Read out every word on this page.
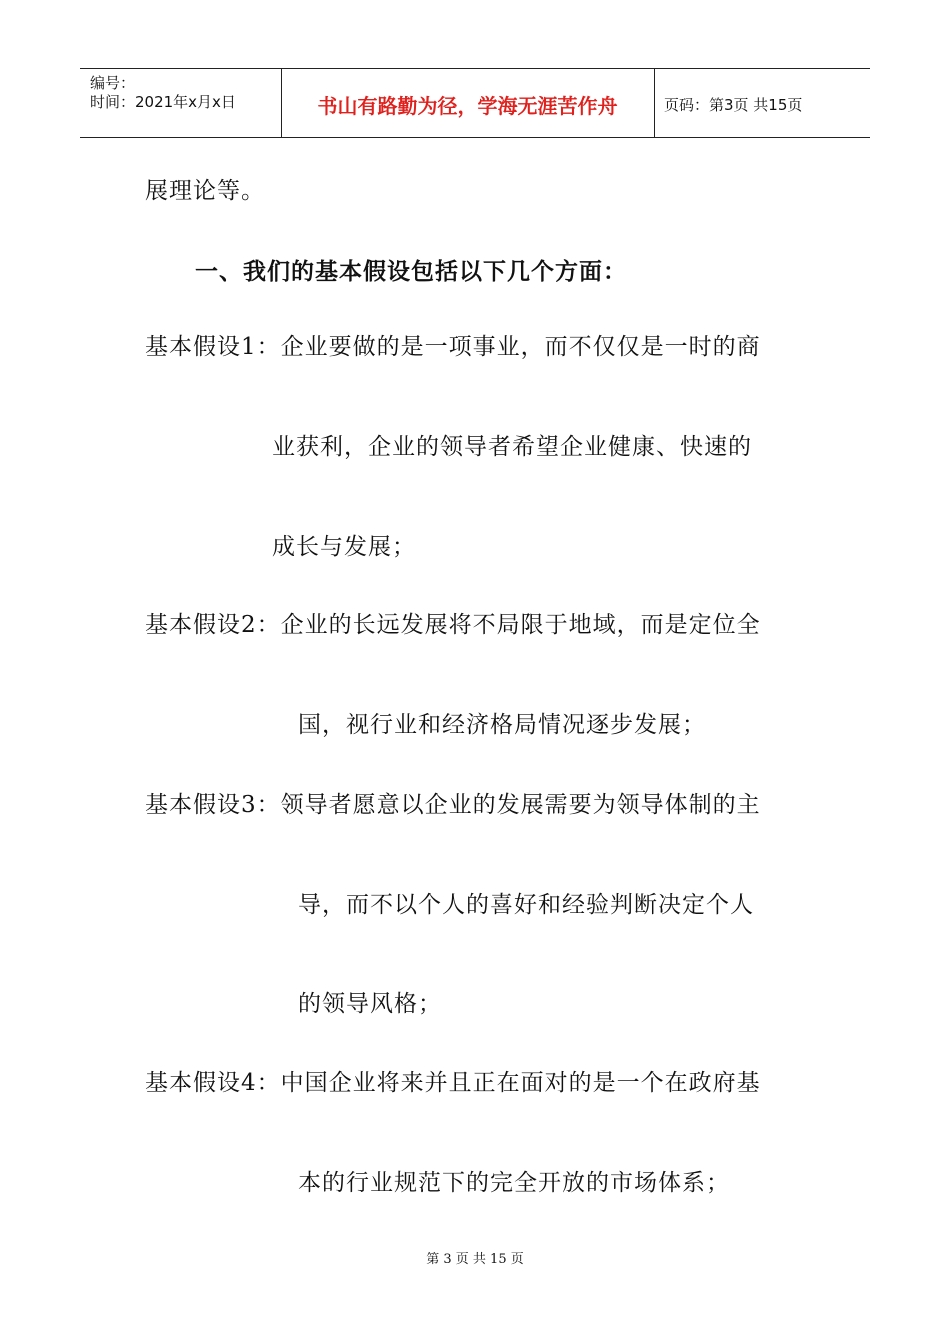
编号：
时间：2021年x月x日	书山有路勤为径，学海无涯苦作舟	页码：第3页 共15页
展理论等。
一、我们的基本假设包括以下几个方面：
基本假设1：企业要做的是一项事业，而不仅仅是一时的商
业获利，企业的领导者希望企业健康、快速的
成长与发展；
基本假设2：企业的长远发展将不局限于地域，而是定位全
国，视行业和经济格局情况逐步发展；
基本假设3：领导者愿意以企业的发展需要为领导体制的主
导，而不以个人的喜好和经验判断决定个人
的领导风格；
基本假设4：中国企业将来并且正在面对的是一个在政府基
本的行业规范下的完全开放的市场体系；
第 3 页 共 15 页
